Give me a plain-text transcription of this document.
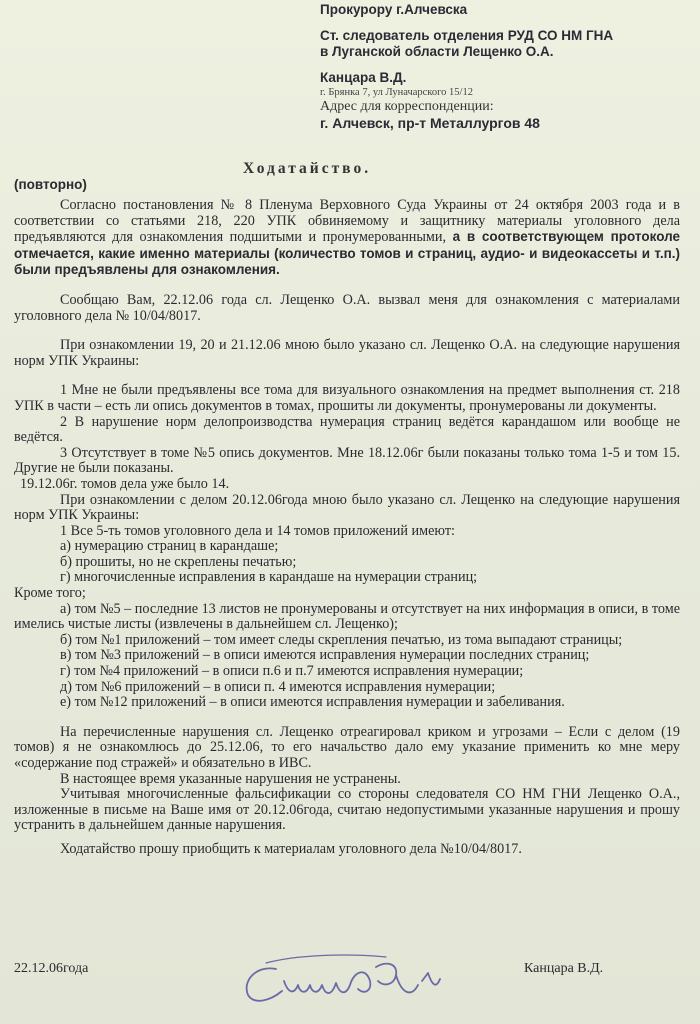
Прокурору г.Алчевска
Ст. следователь отделения РУД СО НМ ГНА
в Луганской области Лещенко О.А.
Канцара В.Д.
г. Брянка 7, ул Луначарского 15/12
Адрес для корреспонденции:
г. Алчевск, пр-т Металлургов 48
Ходатайство.
(повторно)

Согласно постановления № 8 Пленума Верховного Суда Украины от 24 октября 2003 года и в соответствии со статьями 218, 220 УПК обвиняемому и защитнику материалы уголовного дела предъявляются для ознакомления подшитыми и пронумерованными, а в соответствующем протоколе отмечается, какие именно материалы (количество томов и страниц, аудио- и видеокассеты и т.п.) были предъявлены для ознакомления.

Сообщаю Вам, 22.12.06 года сл. Лещенко О.А. вызвал меня для ознакомления с материалами уголовного дела № 10/04/8017.

При ознакомлении 19, 20 и 21.12.06 мною было указано сл. Лещенко О.А. на следующие нарушения норм УПК Украины:

1 Мне не были предъявлены все тома для визуального ознакомления на предмет выполнения ст. 218 УПК в части – есть ли опись документов в томах, прошиты ли документы, пронумерованы ли документы.

2 В нарушение норм делопроизводства нумерация страниц ведётся карандашом или вообще не ведётся.

3 Отсутствует в томе №5 опись документов. Мне 18.12.06г были показаны только тома 1-5 и том 15. Другие не были показаны.

19.12.06г. томов дела уже было 14.

При ознакомлении с делом 20.12.06года мною было указано сл. Лещенко на следующие нарушения норм УПК Украины:

1 Все 5-ть томов уголовного дела и 14 томов приложений имеют:

а) нумерацию страниц в карандаше;

б) прошиты, но не скреплены печатью;

г) многочисленные исправления в карандаше на нумерации страниц;

Кроме того;

а) том №5 – последние 13 листов не пронумерованы и отсутствует на них информация в описи, в томе имелись чистые листы (извлечены в дальнейшем сл. Лещенко);

б) том №1 приложений – том имеет следы скрепления печатью, из тома выпадают страницы;

в) том №3 приложений – в описи имеются исправления нумерации последних страниц;

г) том №4 приложений – в описи п.6 и п.7 имеются исправления нумерации;

д) том №6 приложений – в описи п. 4 имеются исправления нумерации;

е) том №12 приложений – в описи имеются исправления нумерации и забеливания.

На перечисленные нарушения сл. Лещенко отреагировал криком и угрозами – Если с делом (19 томов) я не ознакомлюсь до 25.12.06, то его начальство дало ему указание применить ко мне меру «содержание под стражей» и обязательно в ИВС.

В настоящее время указанные нарушения не устранены.

Учитывая многочисленные фальсификации со стороны следователя СО НМ ГНИ Лещенко О.А., изложенные в письме на Ваше имя от 20.12.06года, считаю недопустимыми указанные нарушения и прошу устранить в дальнейшем данные нарушения.

Ходатайство прошу приобщить к материалам уголовного дела №10/04/8017.

22.12.06года	Канцара В.Д.
